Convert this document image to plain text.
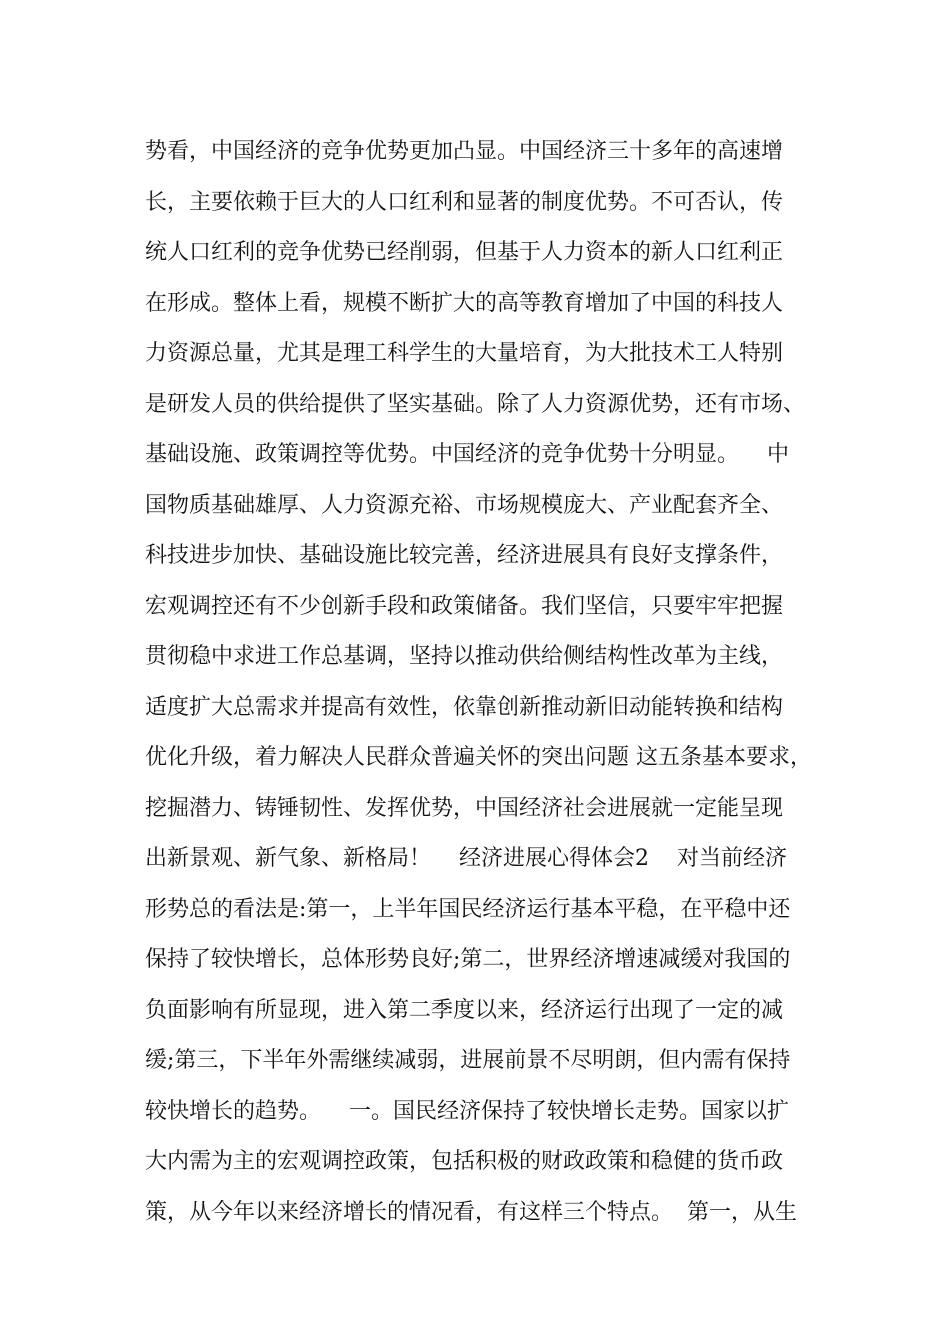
势看，中国经济的竞争优势更加凸显。中国经济三十多年的高速增
长，主要依赖于巨大的人口红利和显著的制度优势。不可否认，传
统人口红利的竞争优势已经削弱，但基于人力资本的新人口红利正
在形成。整体上看，规模不断扩大的高等教育增加了中国的科技人
力资源总量，尤其是理工科学生的大量培育，为大批技术工人特别
是研发人员的供给提供了坚实基础。除了人力资源优势，还有市场、
基础设施、政策调控等优势。中国经济的竞争优势十分明显。    中
国物质基础雄厚、人力资源充裕、市场规模庞大、产业配套齐全、
科技进步加快、基础设施比较完善，经济进展具有良好支撑条件，
宏观调控还有不少创新手段和政策储备。我们坚信，只要牢牢把握
贯彻稳中求进工作总基调，坚持以推动供给侧结构性改革为主线，
适度扩大总需求并提高有效性，依靠创新推动新旧动能转换和结构
优化升级，着力解决人民群众普遍关怀的突出问题 这五条基本要求，
挖掘潜力、铸锤韧性、发挥优势，中国经济社会进展就一定能呈现
出新景观、新气象、新格局！    经济进展心得体会2    对当前经济
形势总的看法是:第一，上半年国民经济运行基本平稳，在平稳中还
保持了较快增长，总体形势良好;第二，世界经济增速减缓对我国的
负面影响有所显现，进入第二季度以来，经济运行出现了一定的减
缓;第三，下半年外需继续减弱，进展前景不尽明朗，但内需有保持
较快增长的趋势。    一。国民经济保持了较快增长走势。国家以扩
大内需为主的宏观调控政策，包括积极的财政政策和稳健的货币政
策，从今年以来经济增长的情况看，有这样三个特点。  第一，从生
